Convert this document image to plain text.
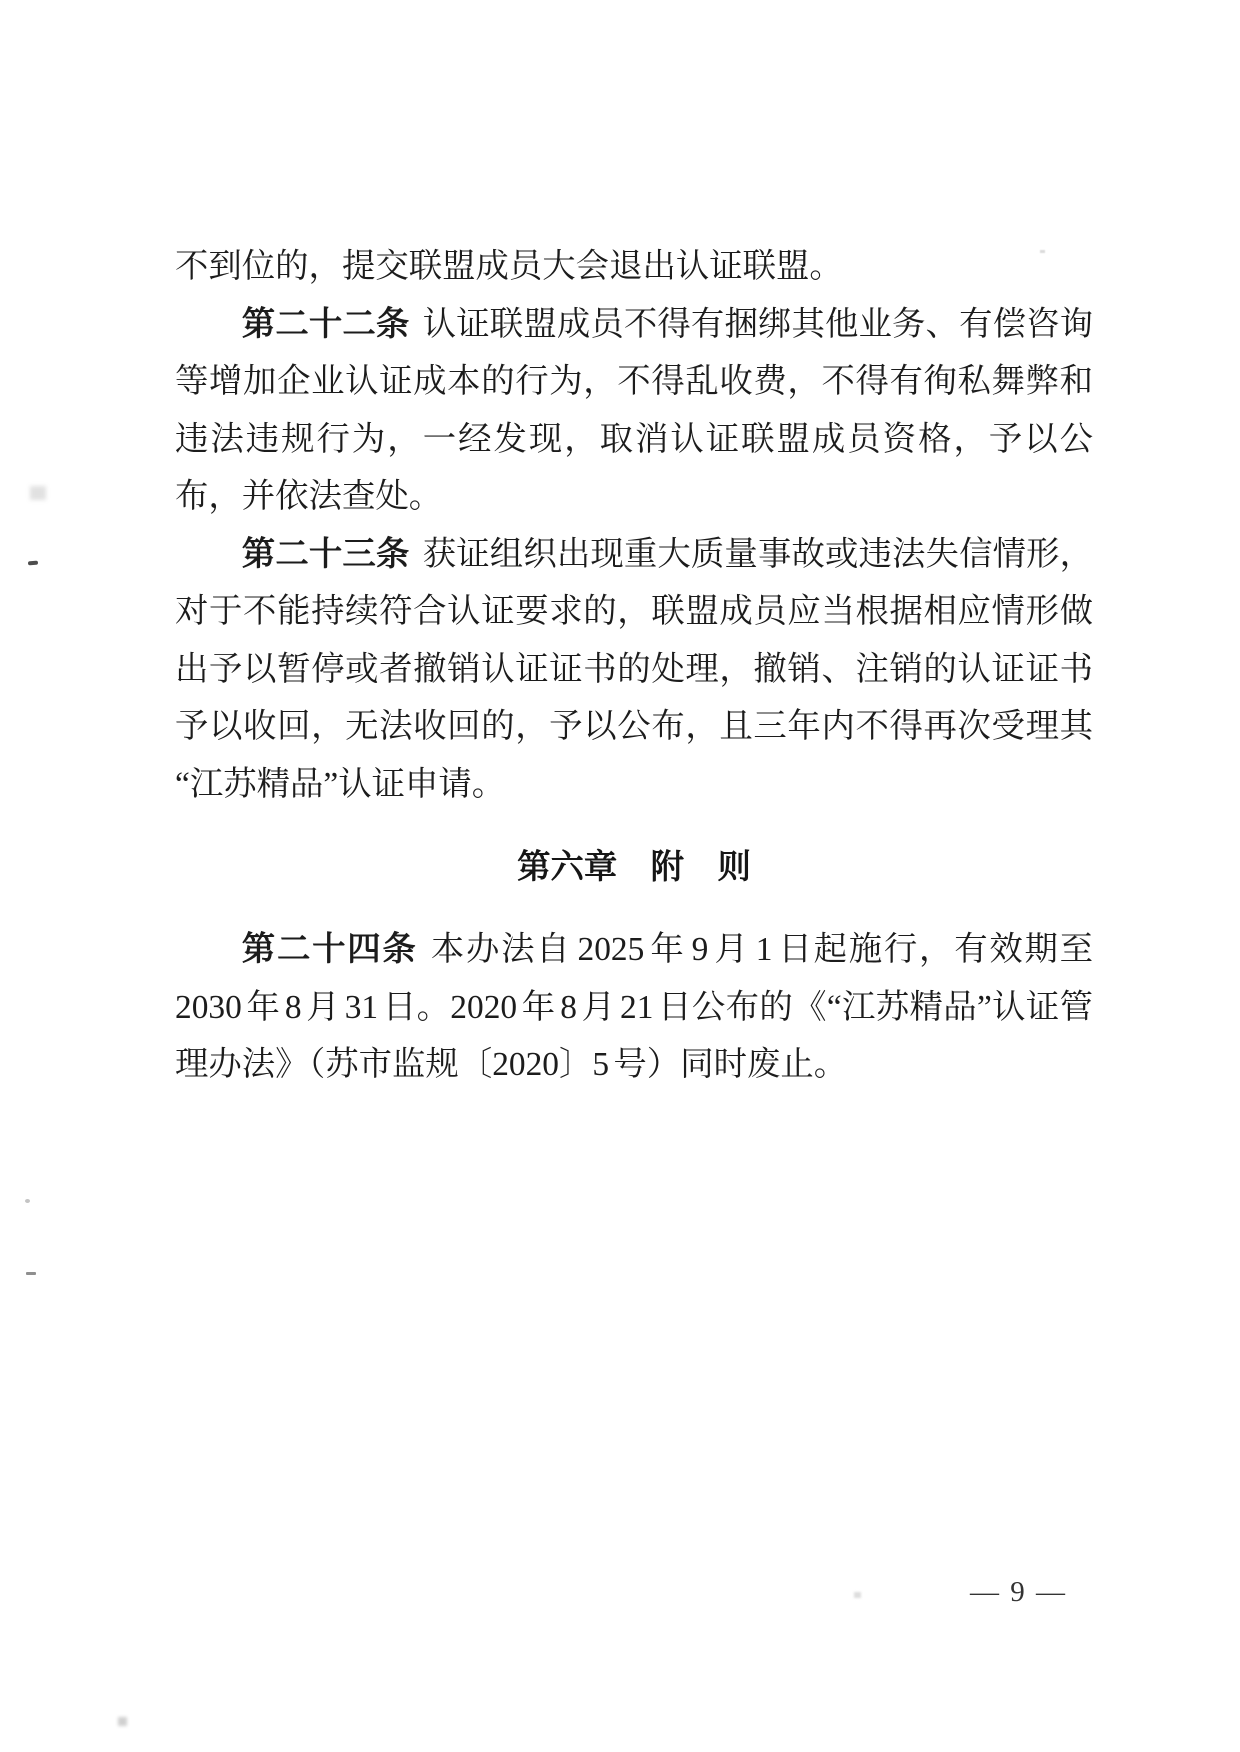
不到位的，提交联盟成员大会退出认证联盟。

第二十二条 认证联盟成员不得有捆绑其他业务、有偿咨询等增加企业认证成本的行为，不得乱收费，不得有徇私舞弊和违法违规行为，一经发现，取消认证联盟成员资格，予以公布，并依法查处。

第二十三条 获证组织出现重大质量事故或违法失信情形，对于不能持续符合认证要求的，联盟成员应当根据相应情形做出予以暂停或者撤销认证证书的处理，撤销、注销的认证证书予以收回，无法收回的，予以公布，且三年内不得再次受理其“江苏精品”认证申请。

第六章　附　则

第二十四条 本办法自 2025 年 9 月 1 日起施行，有效期至 2030 年 8 月 31 日。2020 年 8 月 21 日公布的《“江苏精品”认证管理办法》（苏市监规〔2020〕5 号）同时废止。

— 9 —
